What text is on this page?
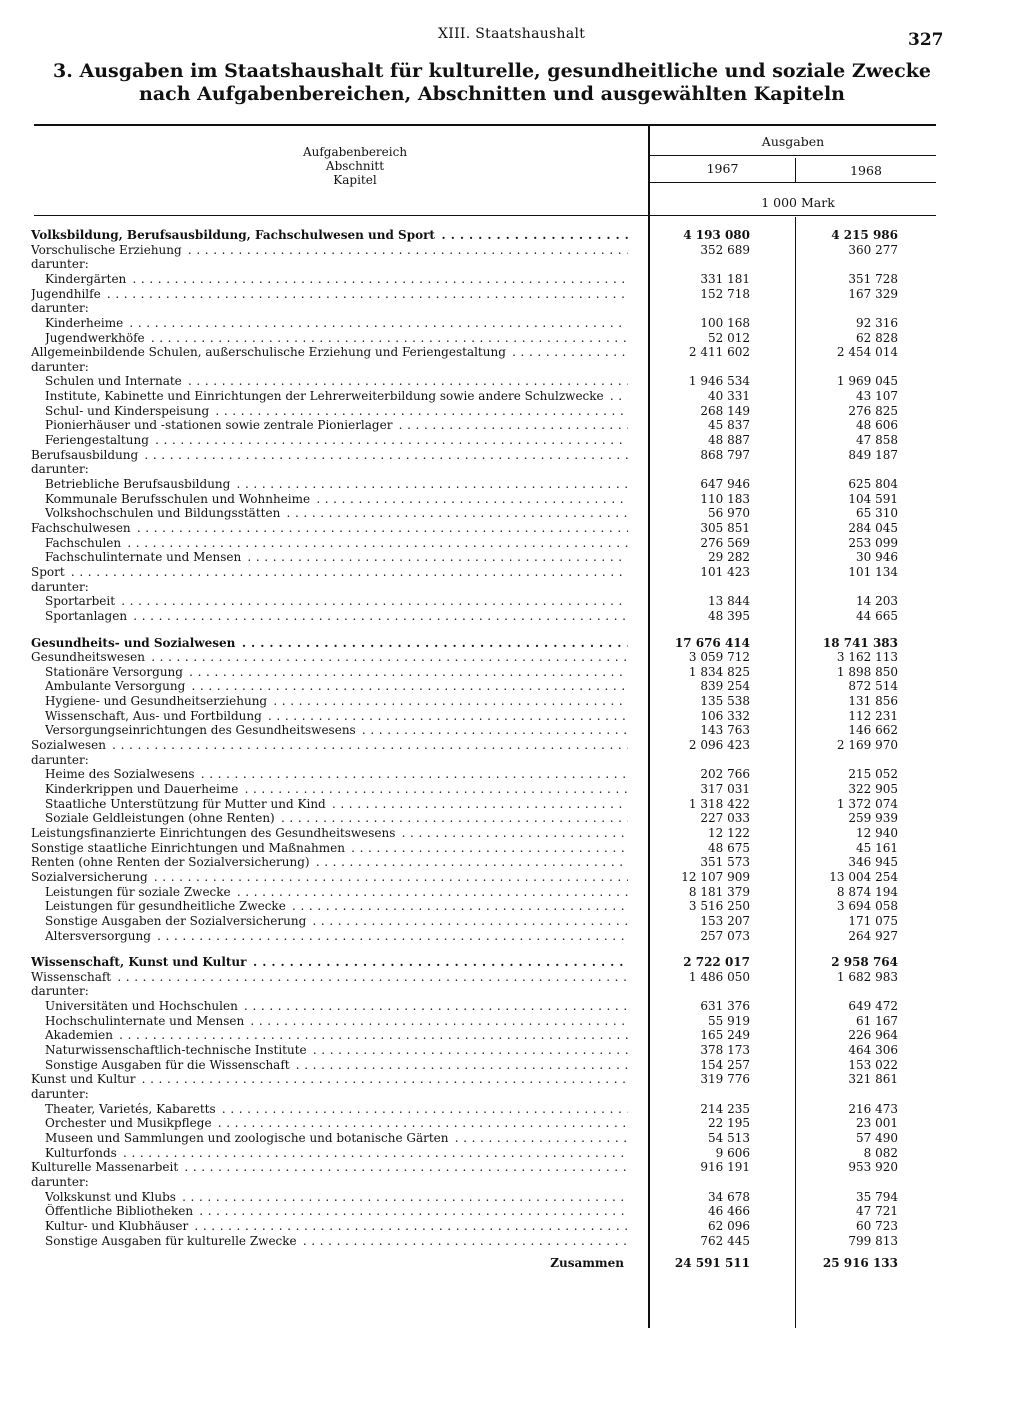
XIII. Staatshaushalt	327
3. Ausgaben im Staatshaushalt für kulturelle, gesundheitliche und soziale Zwecke
nach Aufgabenbereichen, Abschnitten und ausgewählten Kapiteln
Aufgabenbereich
Abschnitt
Kapitel
Ausgaben
1967	1968
1 000 Mark
Volksbildung, Berufsausbildung, Fachschulwesen und Sport . . .	4 193 080	4 215 986
Vorschulische Erziehung . . .	352 689	360 277
darunter:
Kindergärten . . .	331 181	351 728
Jugendhilfe . . .	152 718	167 329
darunter:
Kinderheime . . .	100 168	92 316
Jugendwerkhöfe . . .	52 012	62 828
Allgemeinbildende Schulen, außerschulische Erziehung und Feriengestaltung . . .	2 411 602	2 454 014
darunter:
Schulen und Internate . . .	1 946 534	1 969 045
Institute, Kabinette und Einrichtungen der Lehrerweiterbildung sowie andere Schulzwecke . . .	40 331	43 107
Schul- und Kinderspeisung . . .	268 149	276 825
Pionierhäuser und -stationen sowie zentrale Pionierlager . . .	45 837	48 606
Feriengestaltung . . .	48 887	47 858
Berufsausbildung . . .	868 797	849 187
darunter:
Betriebliche Berufsausbildung . . .	647 946	625 804
Kommunale Berufsschulen und Wohnheime . . .	110 183	104 591
Volkshochschulen und Bildungsstätten . . .	56 970	65 310
Fachschulwesen . . .	305 851	284 045
Fachschulen . . .	276 569	253 099
Fachschulinternate und Mensen . . .	29 282	30 946
Sport . . .	101 423	101 134
darunter:
Sportarbeit . . .	13 844	14 203
Sportanlagen . . .	48 395	44 665
Gesundheits- und Sozialwesen . . .	17 676 414	18 741 383
Gesundheitswesen . . .	3 059 712	3 162 113
Stationäre Versorgung . . .	1 834 825	1 898 850
Ambulante Versorgung . . .	839 254	872 514
Hygiene- und Gesundheitserziehung . . .	135 538	131 856
Wissenschaft, Aus- und Fortbildung . . .	106 332	112 231
Versorgungseinrichtungen des Gesundheitswesens . . .	143 763	146 662
Sozialwesen . . .	2 096 423	2 169 970
darunter:
Heime des Sozialwesens . . .	202 766	215 052
Kinderkrippen und Dauerheime . . .	317 031	322 905
Staatliche Unterstützung für Mutter und Kind . . .	1 318 422	1 372 074
Soziale Geldleistungen (ohne Renten) . . .	227 033	259 939
Leistungsfinanzierte Einrichtungen des Gesundheitswesens . . .	12 122	12 940
Sonstige staatliche Einrichtungen und Maßnahmen . . .	48 675	45 161
Renten (ohne Renten der Sozialversicherung) . . .	351 573	346 945
Sozialversicherung . . .	12 107 909	13 004 254
Leistungen für soziale Zwecke . . .	8 181 379	8 874 194
Leistungen für gesundheitliche Zwecke . . .	3 516 250	3 694 058
Sonstige Ausgaben der Sozialversicherung . . .	153 207	171 075
Altersversorgung . . .	257 073	264 927
Wissenschaft, Kunst und Kultur . . .	2 722 017	2 958 764
Wissenschaft . . .	1 486 050	1 682 983
darunter:
Universitäten und Hochschulen . . .	631 376	649 472
Hochschulinternate und Mensen . . .	55 919	61 167
Akademien . . .	165 249	226 964
Naturwissenschaftlich-technische Institute . . .	378 173	464 306
Sonstige Ausgaben für die Wissenschaft . . .	154 257	153 022
Kunst und Kultur . . .	319 776	321 861
darunter:
Theater, Varietés, Kabaretts . . .	214 235	216 473
Orchester und Musikpflege . . .	22 195	23 001
Museen und Sammlungen und zoologische und botanische Gärten . . .	54 513	57 490
Kulturfonds . . .	9 606	8 082
Kulturelle Massenarbeit . . .	916 191	953 920
darunter:
Volkskunst und Klubs . . .	34 678	35 794
Öffentliche Bibliotheken . . .	46 466	47 721
Kultur- und Klubhäuser . . .	62 096	60 723
Sonstige Ausgaben für kulturelle Zwecke . . .	762 445	799 813
Zusammen	24 591 511	25 916 133
